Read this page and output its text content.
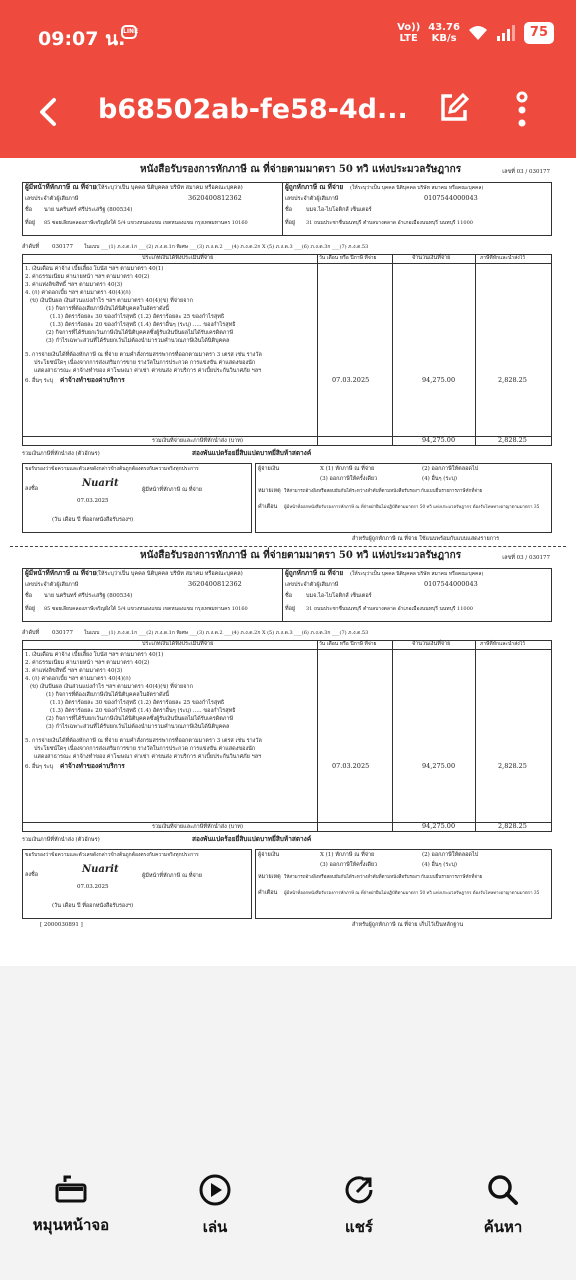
09:07 น.
LINE	Vo))
LTE
43.76
KB/s	75
b68502ab-fe58-4d...
หนังสือรับรองการหักภาษี ณ ที่จ่ายตามมาตรา 50 ทวิ แห่งประมวลรัษฎากร	เลขที่ 03 / 030177
ผู้มีหน้าที่หักภาษี ณ ที่จ่าย (ให้ระบุว่าเป็น บุคคล นิติบุคคล บริษัท สมาคม หรือคณะบุคคล)
เลขประจำตัวผู้เสียภาษี	3620400812362
ชื่อ นาย นครินทร์ ศรีประเสริฐ (800534)
ที่อยู่ 85 ซอยเลียบคลองภาษีเจริญฝั่งใต้ 5/4 แขวงหนองแขม เขตหนองแขม กรุงเทพมหานคร 10160
ผู้ถูกหักภาษี ณ ที่จ่าย (ให้ระบุว่าเป็น บุคคล นิติบุคคล บริษัท สมาคม หรือคณะบุคคล)
เลขประจำตัวผู้เสียภาษี	0107544000043
ชื่อ	บมจ.ไอ-ไบโอติกส์ เซ็นเตอร์
ที่อยู่ 31 ถนนประชาชื่นนนทบุรี ตำบลบางตลาด อำเภอเมืองนนทบุรี นนทบุรี 11000
ลำดับที่ 030177 ในแบบ ___(1) ภ.ง.ด.1ก ___(2) ภ.ง.ด.1ก พิเศษ ___(3) ภ.ง.ด.2 ___(4) ภ.ง.ด.2ก X (5) ภ.ง.ด.3 ___(6) ภ.ง.ด.3ก ___(7) ภ.ง.ด.53
ประเภทเงินได้พึงประเมินที่จ่าย	วัน เดือน หรือ ปีภาษี ที่จ่าย	จำนวนเงินที่จ่าย	ภาษีที่หักและนำส่งไว้
1. เงินเดือน ค่าจ้าง เบี้ยเลี้ยง โบนัส ฯลฯ ตามมาตรา 40(1)
2. ค่าธรรมเนียม ค่านายหน้า ฯลฯ ตามมาตรา 40(2)
3. ค่าแห่งลิขสิทธิ์ ฯลฯ ตามมาตรา 40(3)
4. (ก) ค่าดอกเบี้ย ฯลฯ ตามมาตรา 40(4)(ก)
(ข) เงินปันผล เงินส่วนแบ่งกำไร ฯลฯ ตามมาตรา 40(4)(ข) ที่จ่ายจาก
(1) กิจการที่ต้องเสียภาษีเงินได้นิติบุคคลในอัตราดังนี้
(1.1) อัตราร้อยละ 30 ของกำไรสุทธิ (1.2) อัตราร้อยละ 25 ของกำไรสุทธิ
(1.3) อัตราร้อยละ 20 ของกำไรสุทธิ (1.4) อัตราอื่นๆ (ระบุ) ..... ของกำไรสุทธิ
(2) กิจการที่ได้รับยกเว้นภาษีเงินได้นิติบุคคลซึ่งผู้รับเงินปันผลไม่ได้รับเครดิตภาษี
(3) กำไรเฉพาะส่วนที่ได้รับยกเว้นไม่ต้องนำมารวมคำนวณภาษีเงินได้นิติบุคคล
5. การจ่ายเงินได้ที่ต้องหักภาษี ณ ที่จ่าย ตามคำสั่งกรมสรรพากรที่ออกตามมาตรา 3 เตรส เช่น รางวัล
ประโยชน์ใดๆ เนื่องจากการส่งเสริมการขาย รางวัลในการประกวด การแข่งขัน ค่าแสดงของนัก
แสดงสาธารณะ ค่าจ้างทำของ ค่าโฆษณา ค่าเช่า ค่าขนส่ง ค่าบริการ ค่าเบี้ยประกันวินาศภัย ฯลฯ
6. อื่นๆ ระบุ ค่าจ้างทำของค่าบริการ	07.03.2025	94,275.00	2,828.25
รวมเงินที่จ่ายและภาษีที่หักนำส่ง (บาท)	94,275.00	2,828.25
รวมเงินภาษีที่หักนำส่ง (ตัวอักษร)	สองพันแปดร้อยยี่สิบแปดบาทยี่สิบห้าสตางค์
ขอรับรองว่าข้อความและตัวเลขดังกล่าวข้างต้นถูกต้องตรงกับความจริงทุกประการ
ลงชื่อ	Nuarit
ผู้มีหน้าที่หักภาษี ณ ที่จ่าย
07.03.2025
(วัน เดือน ปี ที่ออกหนังสือรับรองฯ)
ผู้จ่ายเงิน	X (1) หักภาษี ณ ที่จ่าย	(2) ออกภาษีให้ตลอดไป
(3) ออกภาษีให้ครั้งเดียว	(4) อื่นๆ (ระบุ)
หมายเหตุ ให้สามารถอ้างอิงหรือสอบยันกันได้ระหว่างลำดับที่ตามหนังสือรับรองฯ กับแบบยื่นรายการภาษีหักที่จ่าย
คำเตือน ผู้มีหน้าที่ออกหนังสือรับรองการหักภาษี ณ ที่จ่ายฝ่าฝืนไม่ปฏิบัติตามมาตรา 50 ทวิ แห่งประมวลรัษฎากร ต้องรับโทษทางอาญาตามมาตรา 35
สำหรับผู้ถูกหักภาษี ณ ที่จ่าย ใช้แนบพร้อมกับแบบแสดงรายการ
หนังสือรับรองการหักภาษี ณ ที่จ่ายตามมาตรา 50 ทวิ แห่งประมวลรัษฎากร	เลขที่ 03 / 030177
ผู้มีหน้าที่หักภาษี ณ ที่จ่าย (ให้ระบุว่าเป็น บุคคล นิติบุคคล บริษัท สมาคม หรือคณะบุคคล)
เลขประจำตัวผู้เสียภาษี	3620400812362
ชื่อ นาย นครินทร์ ศรีประเสริฐ (800534)
ที่อยู่ 85 ซอยเลียบคลองภาษีเจริญฝั่งใต้ 5/4 แขวงหนองแขม เขตหนองแขม กรุงเทพมหานคร 10160
ผู้ถูกหักภาษี ณ ที่จ่าย (ให้ระบุว่าเป็น บุคคล นิติบุคคล บริษัท สมาคม หรือคณะบุคคล)
เลขประจำตัวผู้เสียภาษี	0107544000043
ชื่อ	บมจ.ไอ-ไบโอติกส์ เซ็นเตอร์
ที่อยู่ 31 ถนนประชาชื่นนนทบุรี ตำบลบางตลาด อำเภอเมืองนนทบุรี นนทบุรี 11000
ลำดับที่ 030177 ในแบบ ___(1) ภ.ง.ด.1ก ___(2) ภ.ง.ด.1ก พิเศษ ___(3) ภ.ง.ด.2 ___(4) ภ.ง.ด.2ก X (5) ภ.ง.ด.3 ___(6) ภ.ง.ด.3ก ___(7) ภ.ง.ด.53
ประเภทเงินได้พึงประเมินที่จ่าย	วัน เดือน หรือ ปีภาษี ที่จ่าย	จำนวนเงินที่จ่าย	ภาษีที่หักและนำส่งไว้
1. เงินเดือน ค่าจ้าง เบี้ยเลี้ยง โบนัส ฯลฯ ตามมาตรา 40(1)
2. ค่าธรรมเนียม ค่านายหน้า ฯลฯ ตามมาตรา 40(2)
3. ค่าแห่งลิขสิทธิ์ ฯลฯ ตามมาตรา 40(3)
4. (ก) ค่าดอกเบี้ย ฯลฯ ตามมาตรา 40(4)(ก)
(ข) เงินปันผล เงินส่วนแบ่งกำไร ฯลฯ ตามมาตรา 40(4)(ข) ที่จ่ายจาก
(1) กิจการที่ต้องเสียภาษีเงินได้นิติบุคคลในอัตราดังนี้
(1.1) อัตราร้อยละ 30 ของกำไรสุทธิ (1.2) อัตราร้อยละ 25 ของกำไรสุทธิ
(1.3) อัตราร้อยละ 20 ของกำไรสุทธิ (1.4) อัตราอื่นๆ (ระบุ) ..... ของกำไรสุทธิ
(2) กิจการที่ได้รับยกเว้นภาษีเงินได้นิติบุคคลซึ่งผู้รับเงินปันผลไม่ได้รับเครดิตภาษี
(3) กำไรเฉพาะส่วนที่ได้รับยกเว้นไม่ต้องนำมารวมคำนวณภาษีเงินได้นิติบุคคล
5. การจ่ายเงินได้ที่ต้องหักภาษี ณ ที่จ่าย ตามคำสั่งกรมสรรพากรที่ออกตามมาตรา 3 เตรส เช่น รางวัล
ประโยชน์ใดๆ เนื่องจากการส่งเสริมการขาย รางวัลในการประกวด การแข่งขัน ค่าแสดงของนัก
แสดงสาธารณะ ค่าจ้างทำของ ค่าโฆษณา ค่าเช่า ค่าขนส่ง ค่าบริการ ค่าเบี้ยประกันวินาศภัย ฯลฯ
6. อื่นๆ ระบุ ค่าจ้างทำของค่าบริการ	07.03.2025	94,275.00	2,828.25
รวมเงินที่จ่ายและภาษีที่หักนำส่ง (บาท)	94,275.00	2,828.25
รวมเงินภาษีที่หักนำส่ง (ตัวอักษร)	สองพันแปดร้อยยี่สิบแปดบาทยี่สิบห้าสตางค์
ขอรับรองว่าข้อความและตัวเลขดังกล่าวข้างต้นถูกต้องตรงกับความจริงทุกประการ
ลงชื่อ	Nuarit
ผู้มีหน้าที่หักภาษี ณ ที่จ่าย
07.03.2025
(วัน เดือน ปี ที่ออกหนังสือรับรองฯ)
ผู้จ่ายเงิน	X (1) หักภาษี ณ ที่จ่าย	(2) ออกภาษีให้ตลอดไป
(3) ออกภาษีให้ครั้งเดียว	(4) อื่นๆ (ระบุ)
หมายเหตุ ให้สามารถอ้างอิงหรือสอบยันกันได้ระหว่างลำดับที่ตามหนังสือรับรองฯ กับแบบยื่นรายการภาษีหักที่จ่าย
คำเตือน ผู้มีหน้าที่ออกหนังสือรับรองการหักภาษี ณ ที่จ่ายฝ่าฝืนไม่ปฏิบัติตามมาตรา 50 ทวิ แห่งประมวลรัษฎากร ต้องรับโทษทางอาญาตามมาตรา 35
[ 2000030891 ]	สำหรับผู้ถูกหักภาษี ณ ที่จ่าย เก็บไว้เป็นหลักฐาน
หมุนหน้าจอ	เล่น	แชร์	ค้นหา
